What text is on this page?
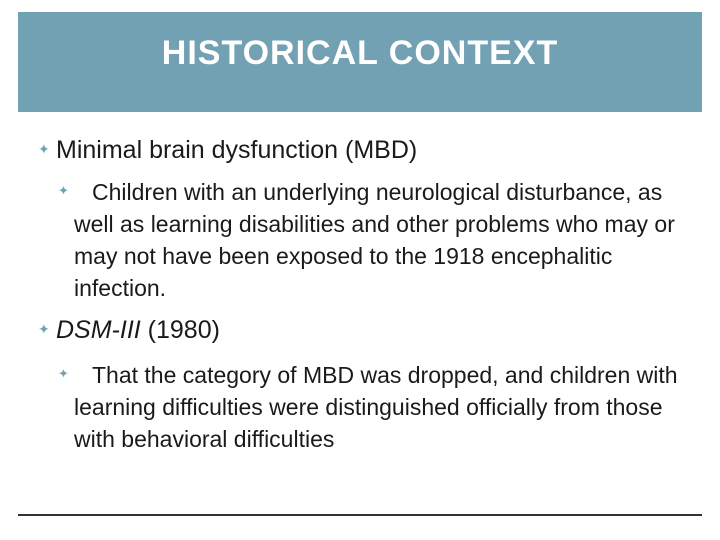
HISTORICAL CONTEXT
✦ Minimal brain dysfunction (MBD)
✦	Children with an underlying neurological disturbance, as well as learning disabilities and other problems who may or may not have been exposed to the 1918 encephalitic infection.
✦ DSM-III (1980)
✦	That the category of MBD was dropped, and children with learning difficulties were distinguished officially from those with behavioral difficulties
